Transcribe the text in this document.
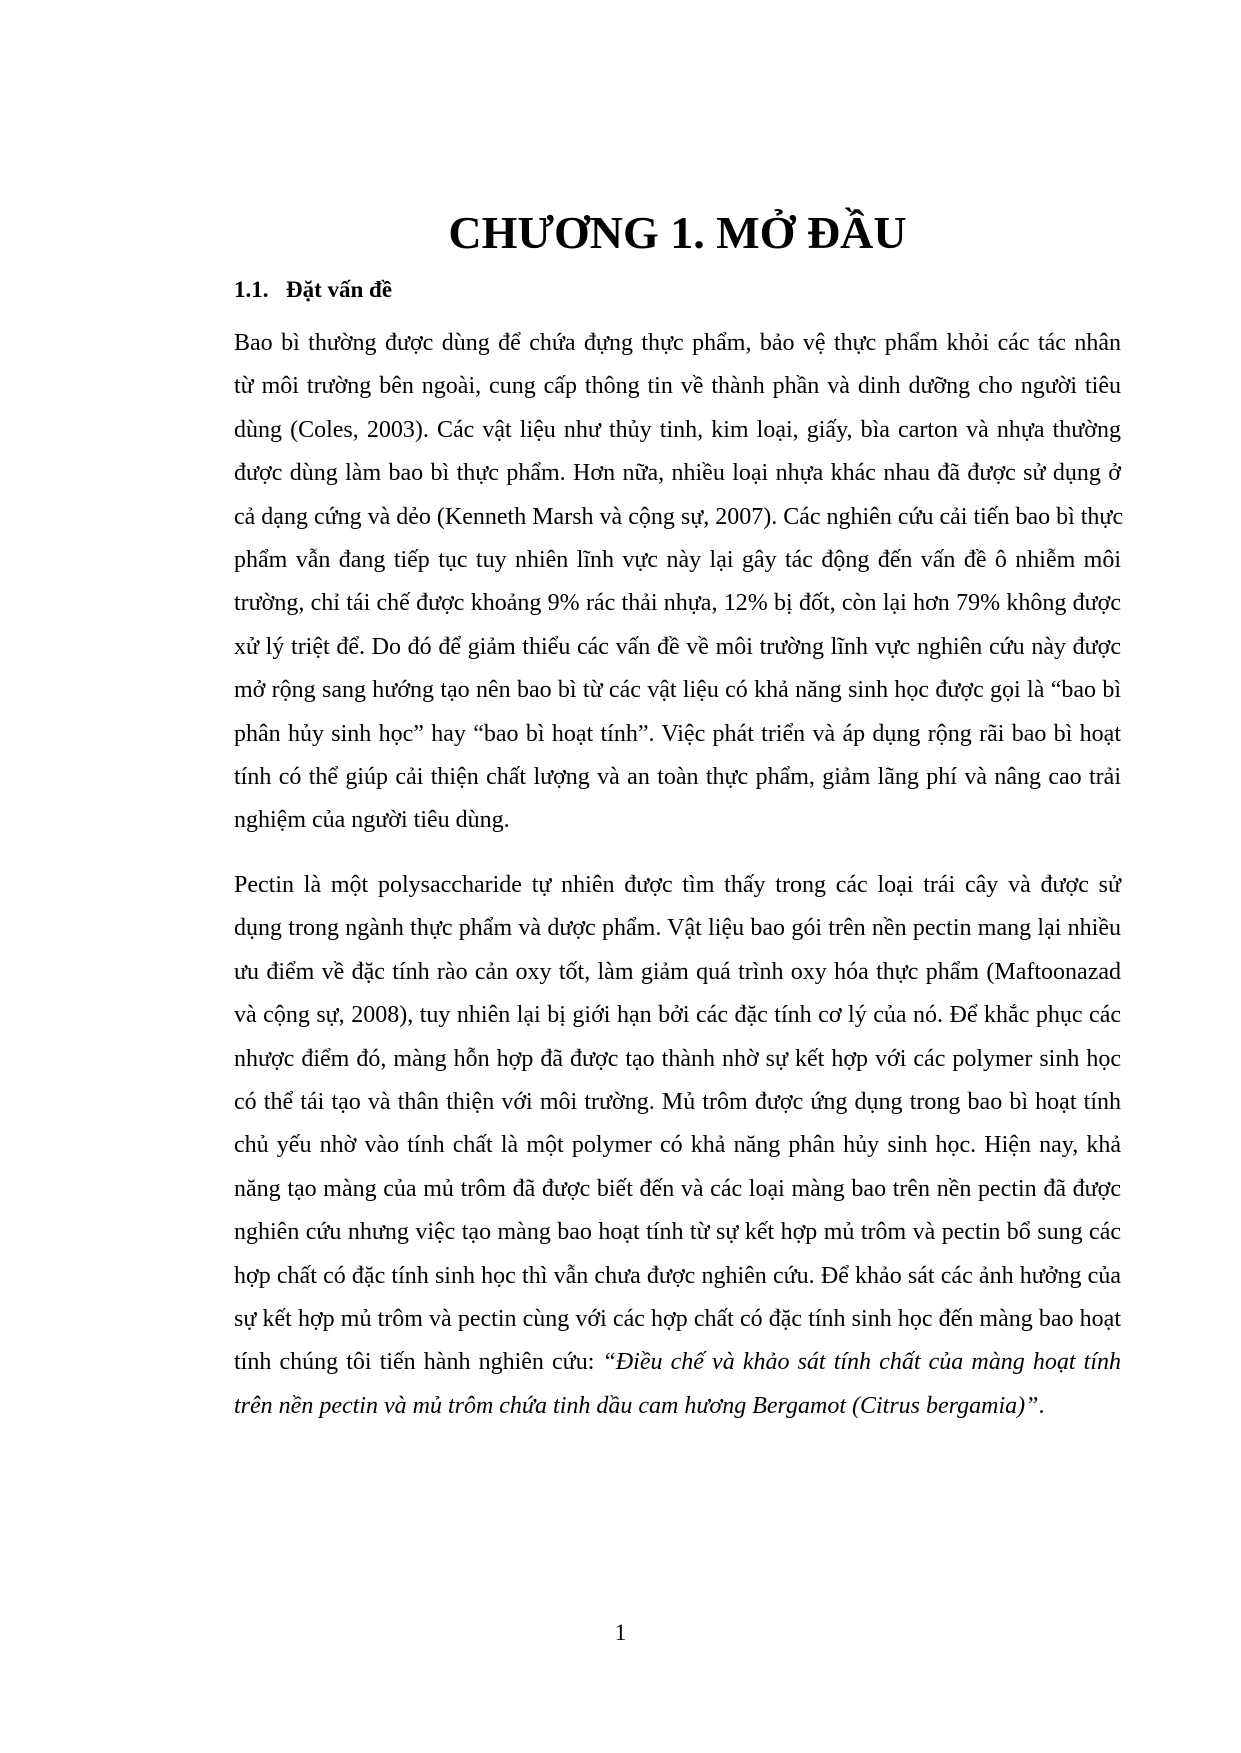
CHƯƠNG 1. MỞ ĐẦU
1.1. Đặt vấn đề

Bao bì thường được dùng để chứa đựng thực phẩm, bảo vệ thực phẩm khỏi các tác nhân
từ môi trường bên ngoài, cung cấp thông tin về thành phần và dinh dưỡng cho người tiêu
dùng (Coles, 2003). Các vật liệu như thủy tinh, kim loại, giấy, bìa carton và nhựa thường
được dùng làm bao bì thực phẩm. Hơn nữa, nhiều loại nhựa khác nhau đã được sử dụng ở
cả dạng cứng và dẻo (Kenneth Marsh và cộng sự, 2007). Các nghiên cứu cải tiến bao bì thực
phẩm vẫn đang tiếp tục tuy nhiên lĩnh vực này lại gây tác động đến vấn đề ô nhiễm môi
trường, chỉ tái chế được khoảng 9% rác thải nhựa, 12% bị đốt, còn lại hơn 79% không được
xử lý triệt để. Do đó để giảm thiểu các vấn đề về môi trường lĩnh vực nghiên cứu này được
mở rộng sang hướng tạo nên bao bì từ các vật liệu có khả năng sinh học được gọi là “bao bì
phân hủy sinh học” hay “bao bì hoạt tính”. Việc phát triển và áp dụng rộng rãi bao bì hoạt
tính có thể giúp cải thiện chất lượng và an toàn thực phẩm, giảm lãng phí và nâng cao trải
nghiệm của người tiêu dùng.

Pectin là một polysaccharide tự nhiên được tìm thấy trong các loại trái cây và được sử
dụng trong ngành thực phẩm và dược phẩm. Vật liệu bao gói trên nền pectin mang lại nhiều
ưu điểm về đặc tính rào cản oxy tốt, làm giảm quá trình oxy hóa thực phẩm (Maftoonazad
và cộng sự, 2008), tuy nhiên lại bị giới hạn bởi các đặc tính cơ lý của nó. Để khắc phục các
nhược điểm đó, màng hỗn hợp đã được tạo thành nhờ sự kết hợp với các polymer sinh học
có thể tái tạo và thân thiện với môi trường. Mủ trôm được ứng dụng trong bao bì hoạt tính
chủ yếu nhờ vào tính chất là một polymer có khả năng phân hủy sinh học. Hiện nay, khả
năng tạo màng của mủ trôm đã được biết đến và các loại màng bao trên nền pectin đã được
nghiên cứu nhưng việc tạo màng bao hoạt tính từ sự kết hợp mủ trôm và pectin bổ sung các
hợp chất có đặc tính sinh học thì vẫn chưa được nghiên cứu. Để khảo sát các ảnh hưởng của
sự kết hợp mủ trôm và pectin cùng với các hợp chất có đặc tính sinh học đến màng bao hoạt
tính chúng tôi tiến hành nghiên cứu: “Điều chế và khảo sát tính chất của màng hoạt tính
trên nền pectin và mủ trôm chứa tinh dầu cam hương Bergamot (Citrus bergamia)”.

1
